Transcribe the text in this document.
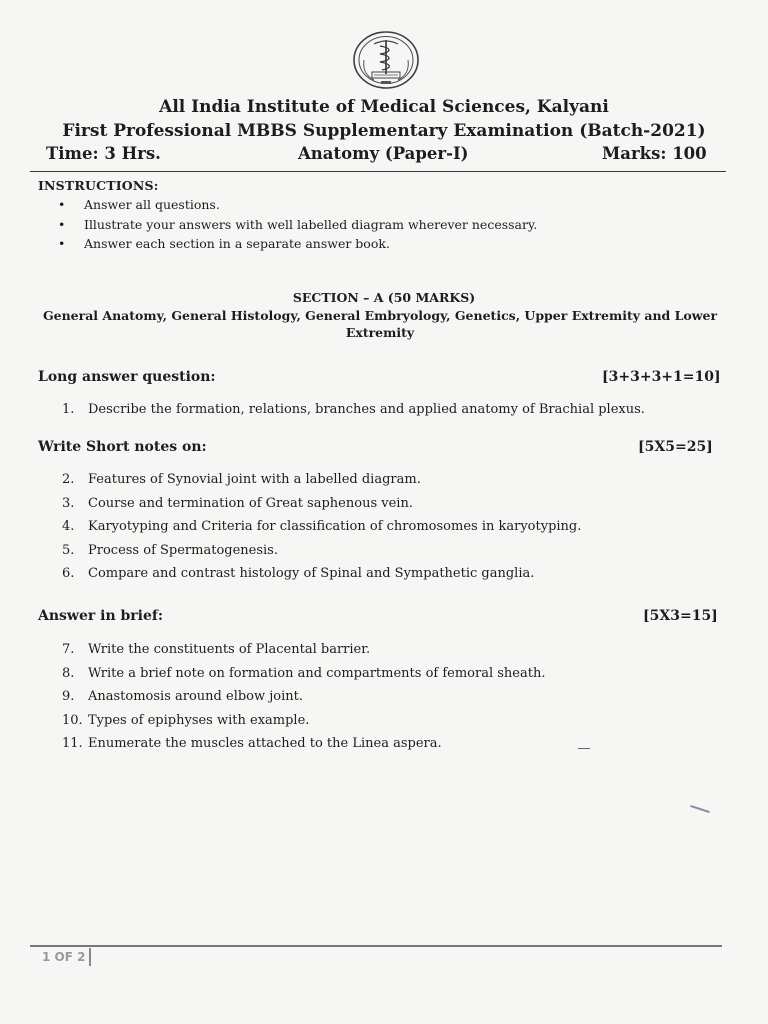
All India Institute of Medical Sciences, Kalyani
First Professional MBBS Supplementary Examination (Batch-2021)
Time: 3 Hrs.	Anatomy (Paper-I)	Marks: 100
INSTRUCTIONS:
• Answer all questions.
• Illustrate your answers with well labelled diagram wherever necessary.
• Answer each section in a separate answer book.
SECTION – A (50 MARKS)
General Anatomy, General Histology, General Embryology, Genetics, Upper Extremity and Lower Extremity
Long answer question:	[3+3+3+1=10]
1. Describe the formation, relations, branches and applied anatomy of Brachial plexus.
Write Short notes on:	[5X5=25]
2. Features of Synovial joint with a labelled diagram.
3. Course and termination of Great saphenous vein.
4. Karyotyping and Criteria for classification of chromosomes in karyotyping.
5. Process of Spermatogenesis.
6. Compare and contrast histology of Spinal and Sympathetic ganglia.
Answer in brief:	[5X3=15]
7. Write the constituents of Placental barrier.
8. Write a brief note on formation and compartments of femoral sheath.
9. Anastomosis around elbow joint.
10. Types of epiphyses with example.
11. Enumerate the muscles attached to the Linea aspera.
1 OF 2
